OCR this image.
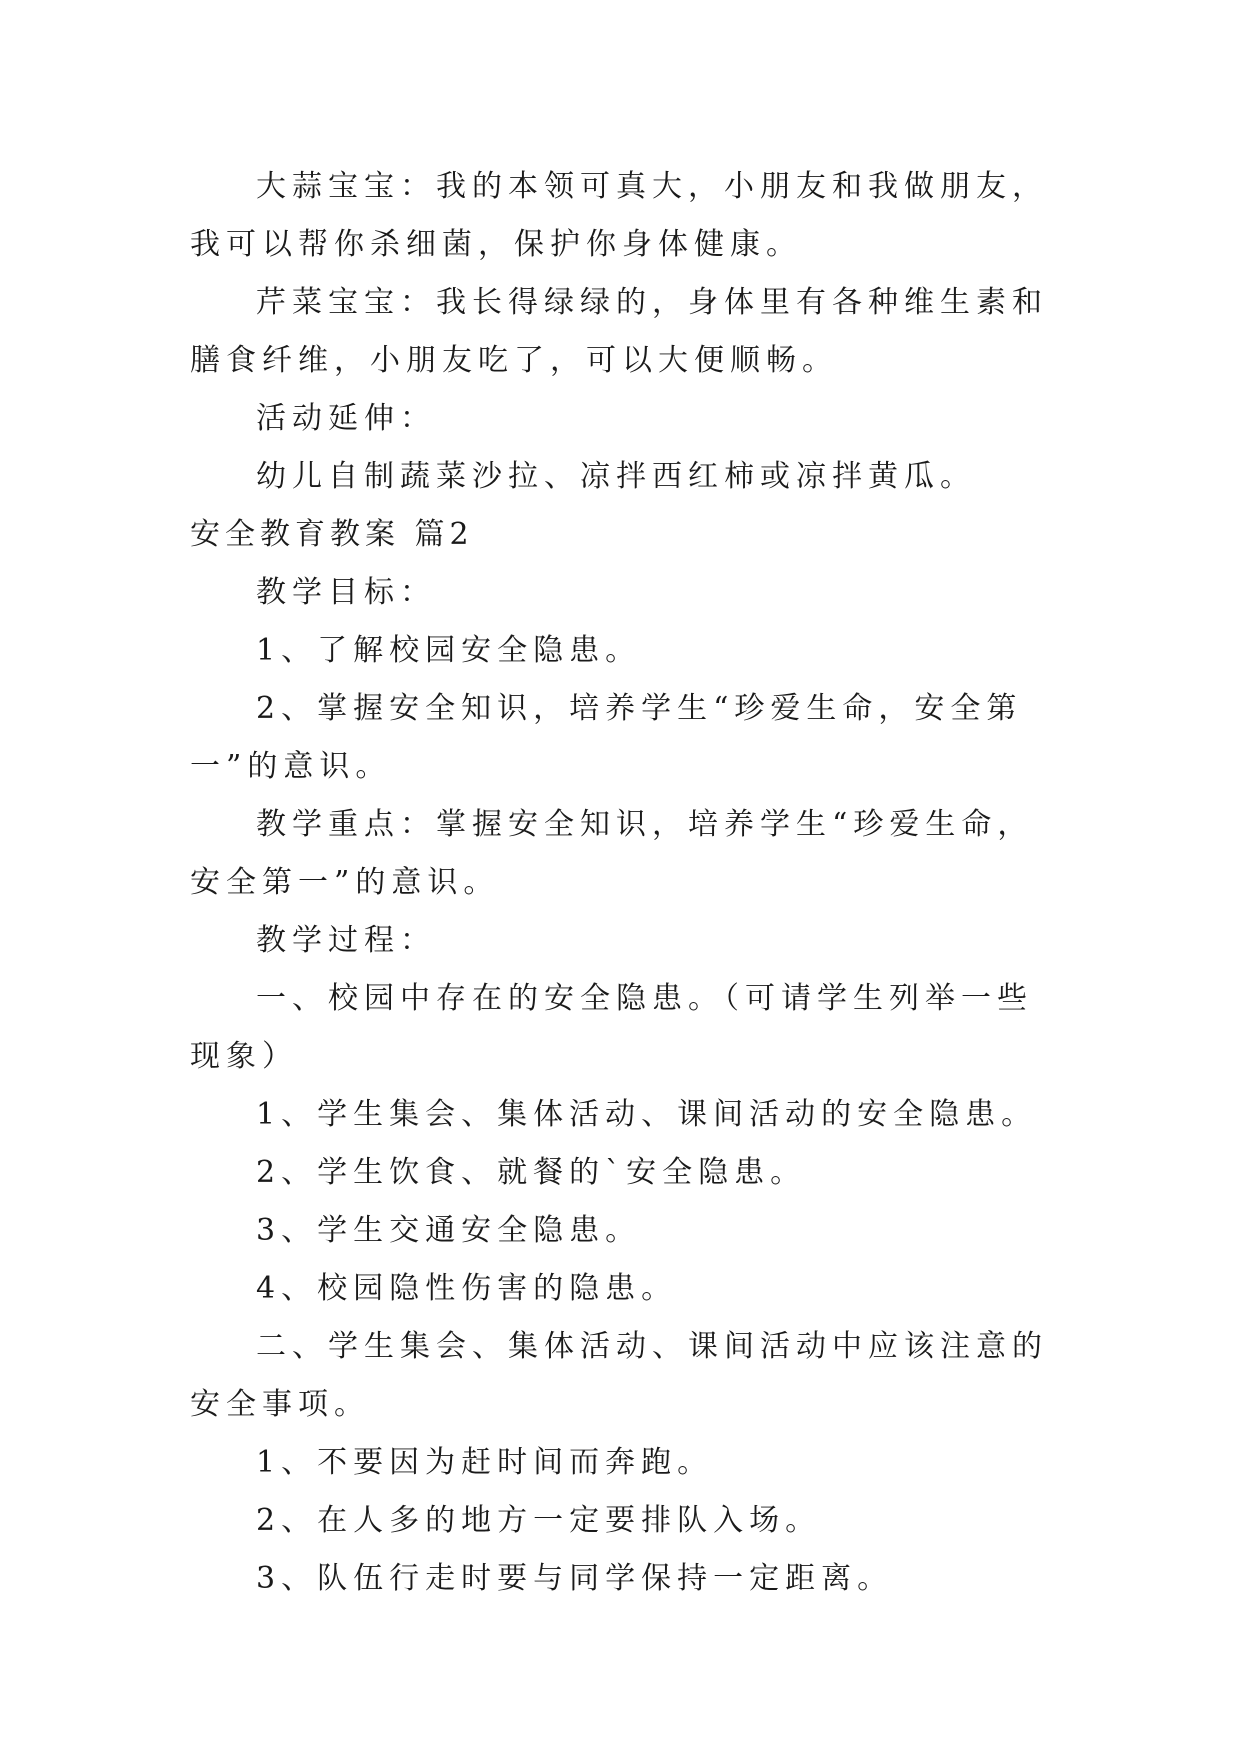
大蒜宝宝：我的本领可真大，小朋友和我做朋友，我可以帮你杀细菌，保护你身体健康。

芹菜宝宝：我长得绿绿的，身体里有各种维生素和膳食纤维，小朋友吃了，可以大便顺畅。

活动延伸：

幼儿自制蔬菜沙拉、凉拌西红柿或凉拌黄瓜。

安全教育教案 篇2

教学目标：

1、了解校园安全隐患。

2、掌握安全知识，培养学生“珍爱生命，安全第一”的意识。

教学重点：掌握安全知识，培养学生“珍爱生命，安全第一”的意识。

教学过程：

一、校园中存在的安全隐患。（可请学生列举一些现象）

1、学生集会、集体活动、课间活动的安全隐患。

2、学生饮食、就餐的`安全隐患。

3、学生交通安全隐患。

4、校园隐性伤害的隐患。

二、学生集会、集体活动、课间活动中应该注意的安全事项。

1、不要因为赶时间而奔跑。

2、在人多的地方一定要排队入场。

3、队伍行走时要与同学保持一定距离。
